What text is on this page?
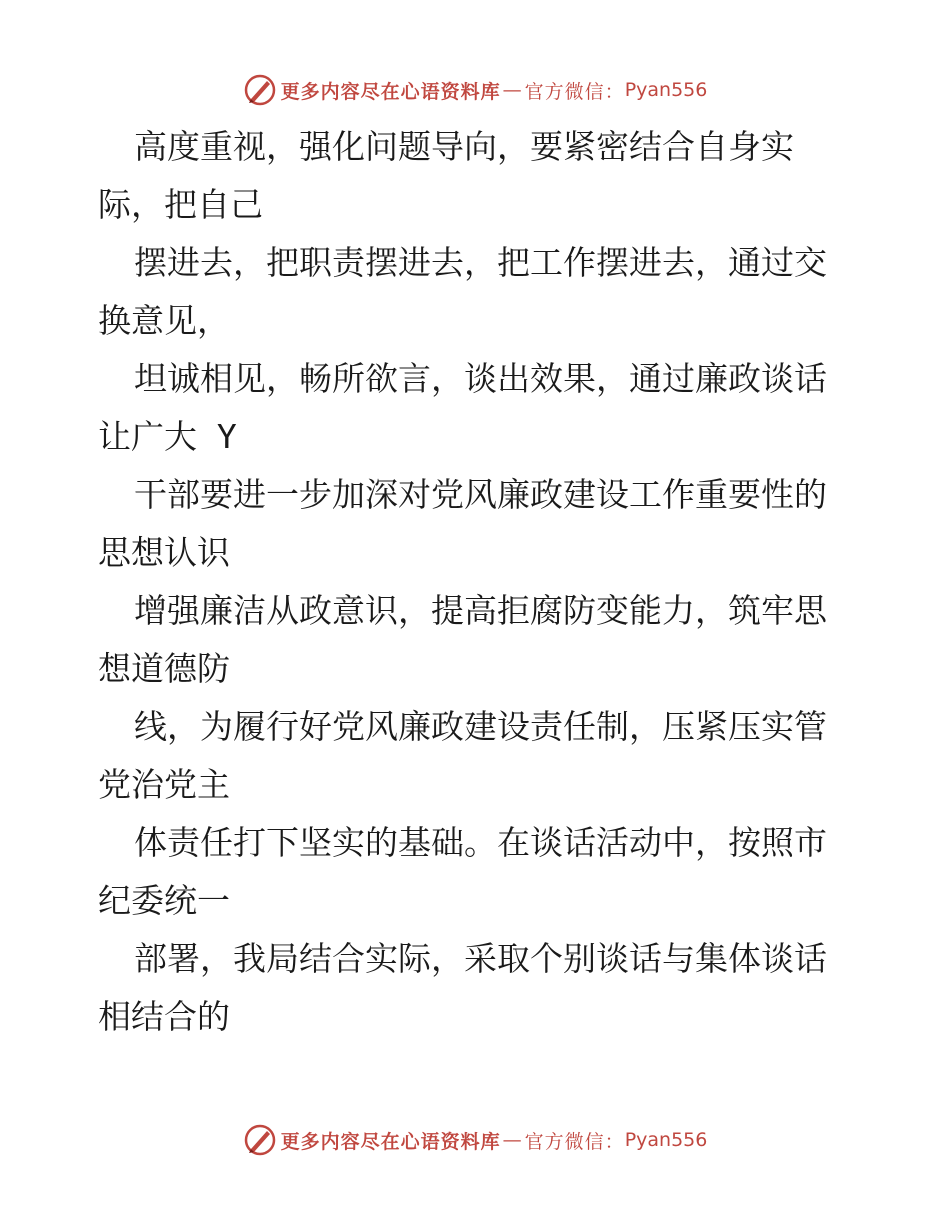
更多内容尽在心语资料库 — 官方微信： Pyan556
高度重视，强化问题导向，要紧密结合自身实
际，把自己
摆进去，把职责摆进去，把工作摆进去，通过交
换意见，
坦诚相见，畅所欲言，谈出效果，通过廉政谈话
让广大 Y
干部要进一步加深对党风廉政建设工作重要性的
思想认识
增强廉洁从政意识，提高拒腐防变能力，筑牢思
想道德防
线，为履行好党风廉政建设责任制，压紧压实管
党治党主
体责任打下坚实的基础。在谈话活动中，按照市
纪委统一
部署，我局结合实际，采取个别谈话与集体谈话
相结合的
更多内容尽在心语资料库 — 官方微信： Pyan556
